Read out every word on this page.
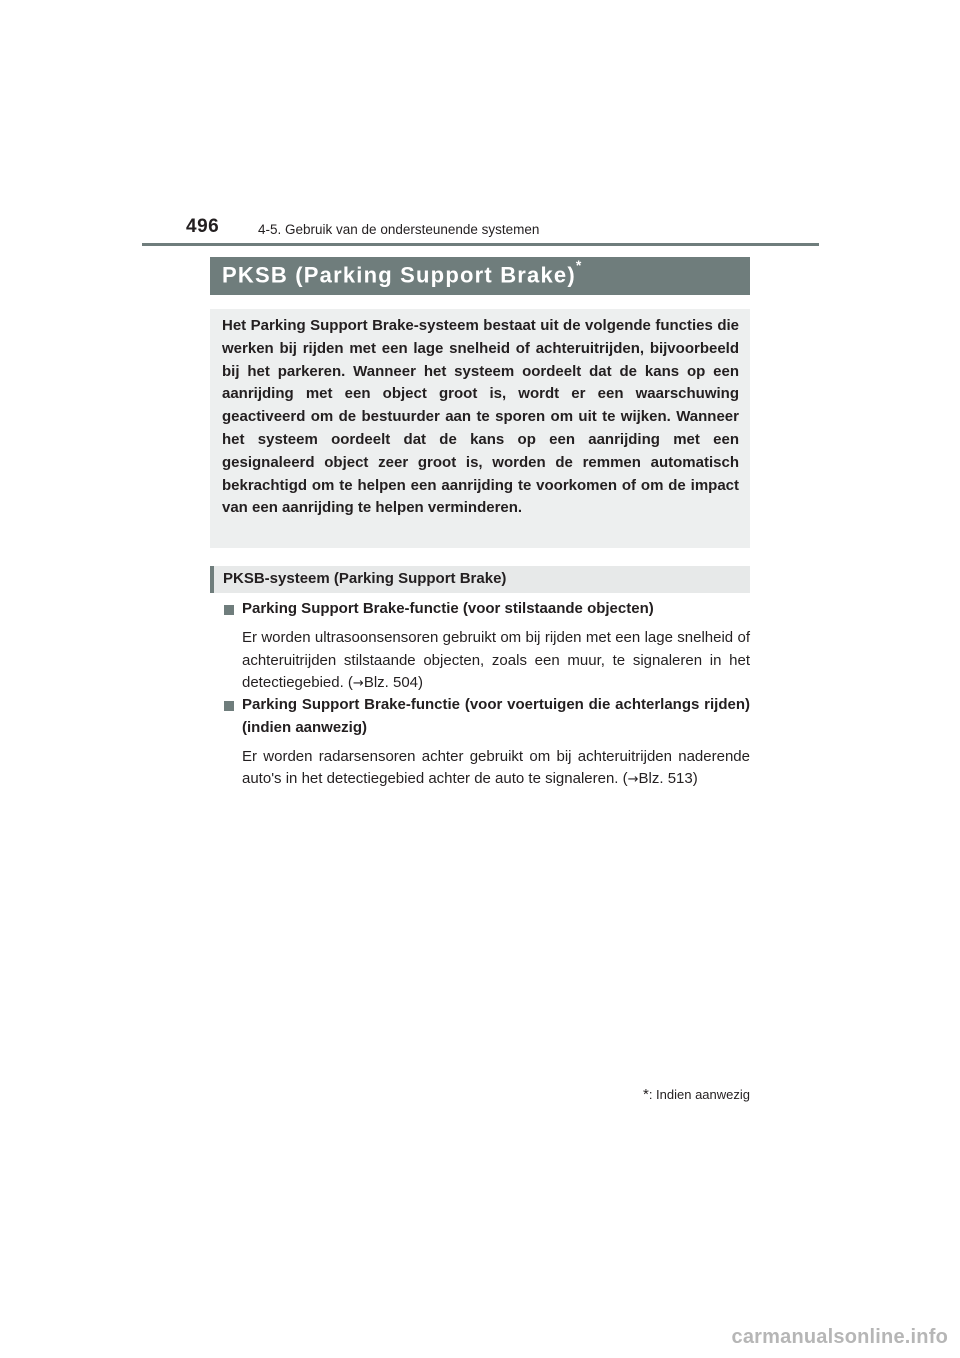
496	4-5. Gebruik van de ondersteunende systemen
PKSB (Parking Support Brake)*
Het Parking Support Brake-systeem bestaat uit de volgende functies die werken bij rijden met een lage snelheid of achteruitrijden, bijvoorbeeld bij het parkeren. Wanneer het systeem oordeelt dat de kans op een aanrijding met een object groot is, wordt er een waarschuwing geactiveerd om de bestuurder aan te sporen om uit te wijken. Wanneer het systeem oordeelt dat de kans op een aanrijding met een gesignaleerd object zeer groot is, worden de remmen automatisch bekrachtigd om te helpen een aanrijding te voorkomen of om de impact van een aanrijding te helpen verminderen.
PKSB-systeem (Parking Support Brake)
Parking Support Brake-functie (voor stilstaande objecten)
Er worden ultrasoonsensoren gebruikt om bij rijden met een lage snelheid of achteruitrijden stilstaande objecten, zoals een muur, te signaleren in het detectiegebied. (→Blz. 504)
Parking Support Brake-functie (voor voertuigen die achterlangs rijden) (indien aanwezig)
Er worden radarsensoren achter gebruikt om bij achteruitrijden naderende auto's in het detectiegebied achter de auto te signaleren. (→Blz. 513)
*: Indien aanwezig
carmanualsonline.info
